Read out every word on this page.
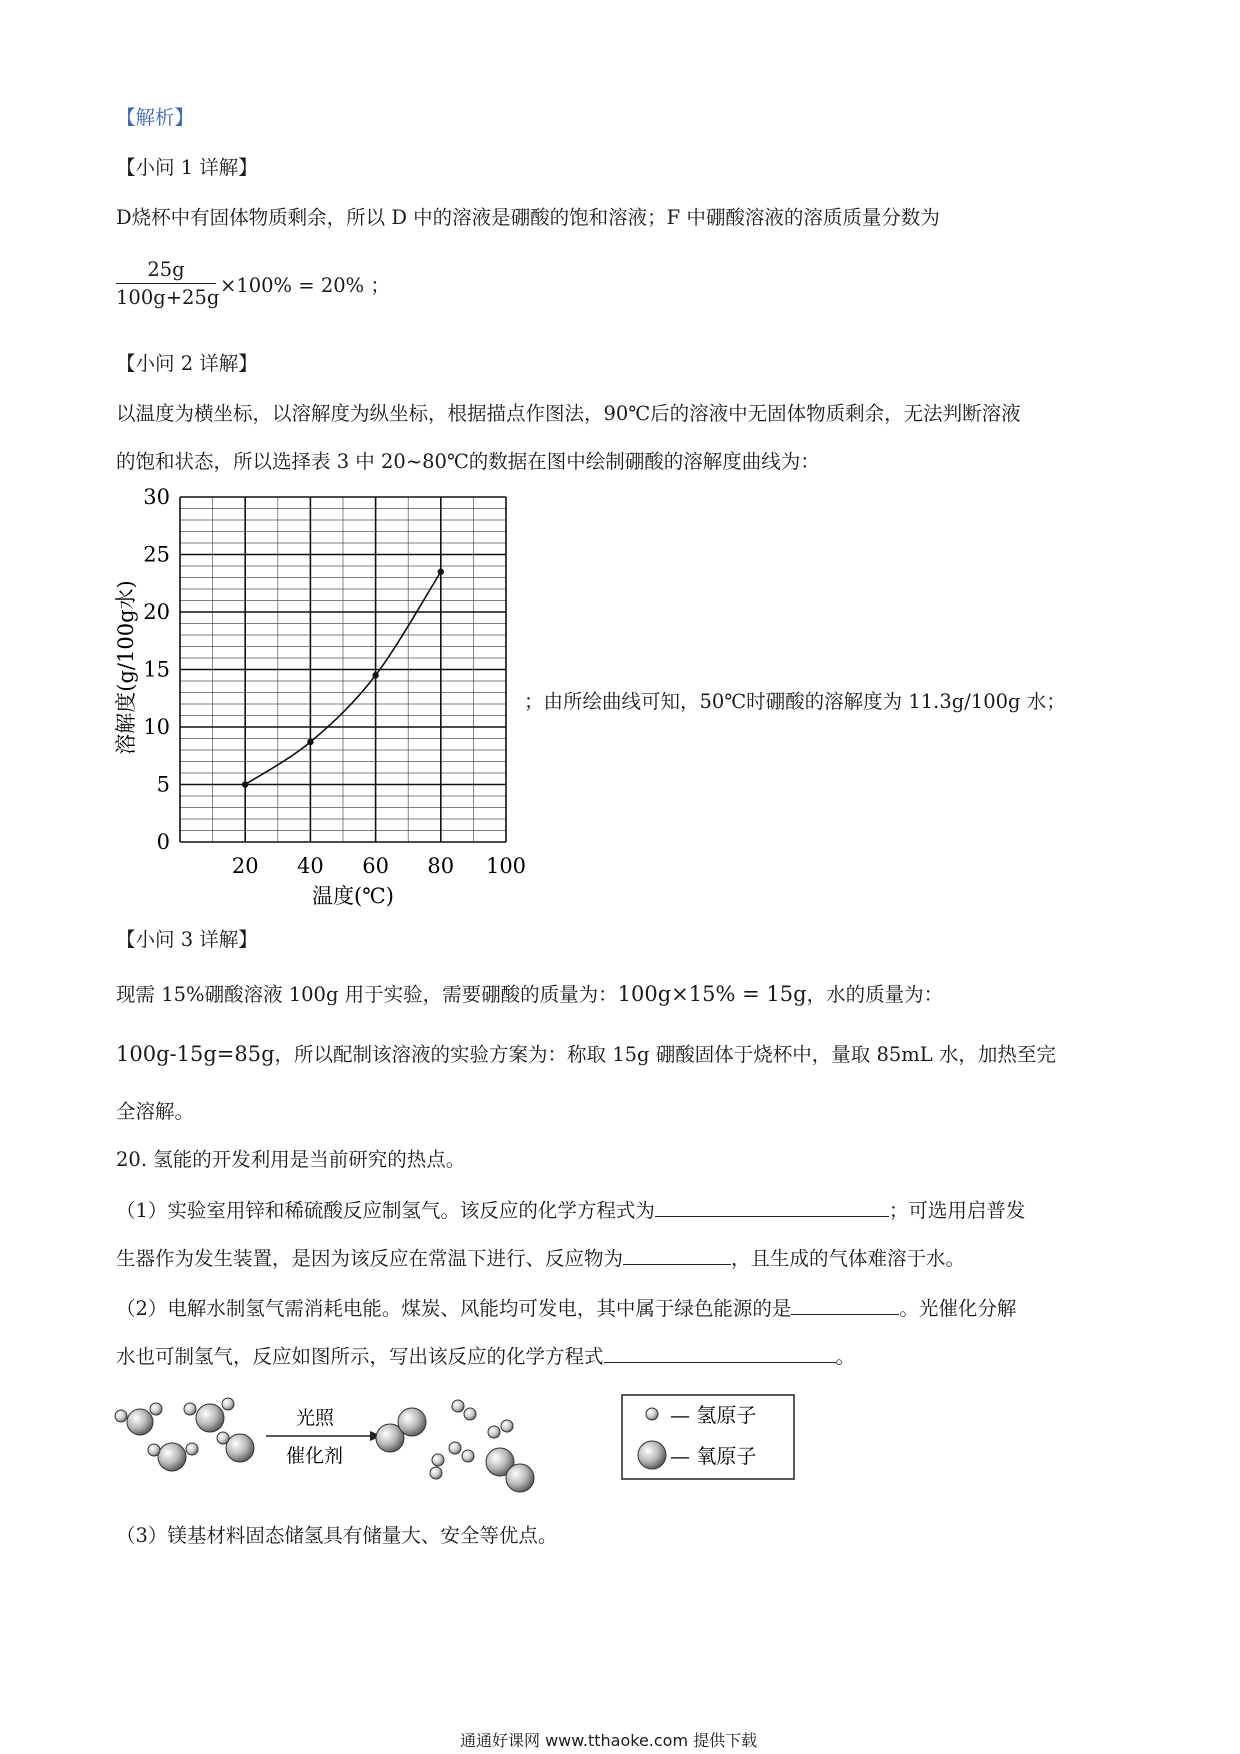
【解析】
【小问 1 详解】
D烧杯中有固体物质剩余，所以 D 中的溶液是硼酸的饱和溶液；F 中硼酸溶液的溶质质量分数为
$\frac{25g}{100g+25g} \times 100\% = 20\%$ ；
【小问 2 详解】
以温度为横坐标，以溶解度为纵坐标，根据描点作图法，90℃后的溶液中无固体物质剩余，无法判断溶液
的饱和状态，所以选择表 3 中 20~80℃的数据在图中绘制硼酸的溶解度曲线为：
0
5
10
15
20
25
30
20 40 60 80 100
温度(℃)
溶解度(g/100g水)	；由所绘曲线可知，50℃时硼酸的溶解度为 11.3g/100g 水；
【小问 3 详解】
现需 15%硼酸溶液 100g 用于实验，需要硼酸的质量为：100g×15% = 15g，水的质量为：
100g-15g=85g，所以配制该溶液的实验方案为：称取 15g 硼酸固体于烧杯中，量取 85mL 水，加热至完
全溶解。
20. 氢能的开发利用是当前研究的热点。
（1）实验室用锌和稀硫酸反应制氢气。该反应的化学方程式为	；可选用启普发
生器作为发生装置，是因为该反应在常温下进行、反应物为	，且生成的气体难溶于水。
（2）电解水制氢气需消耗电能。煤炭、风能均可发电，其中属于绿色能源的是	。光催化分解
水也可制氢气，反应如图所示，写出该反应的化学方程式	。
光照
催化剂
— 氢原子
— 氧原子
（3）镁基材料固态储氢具有储量大、安全等优点。
通通好课网 www.tthaoke.com 提供下载
